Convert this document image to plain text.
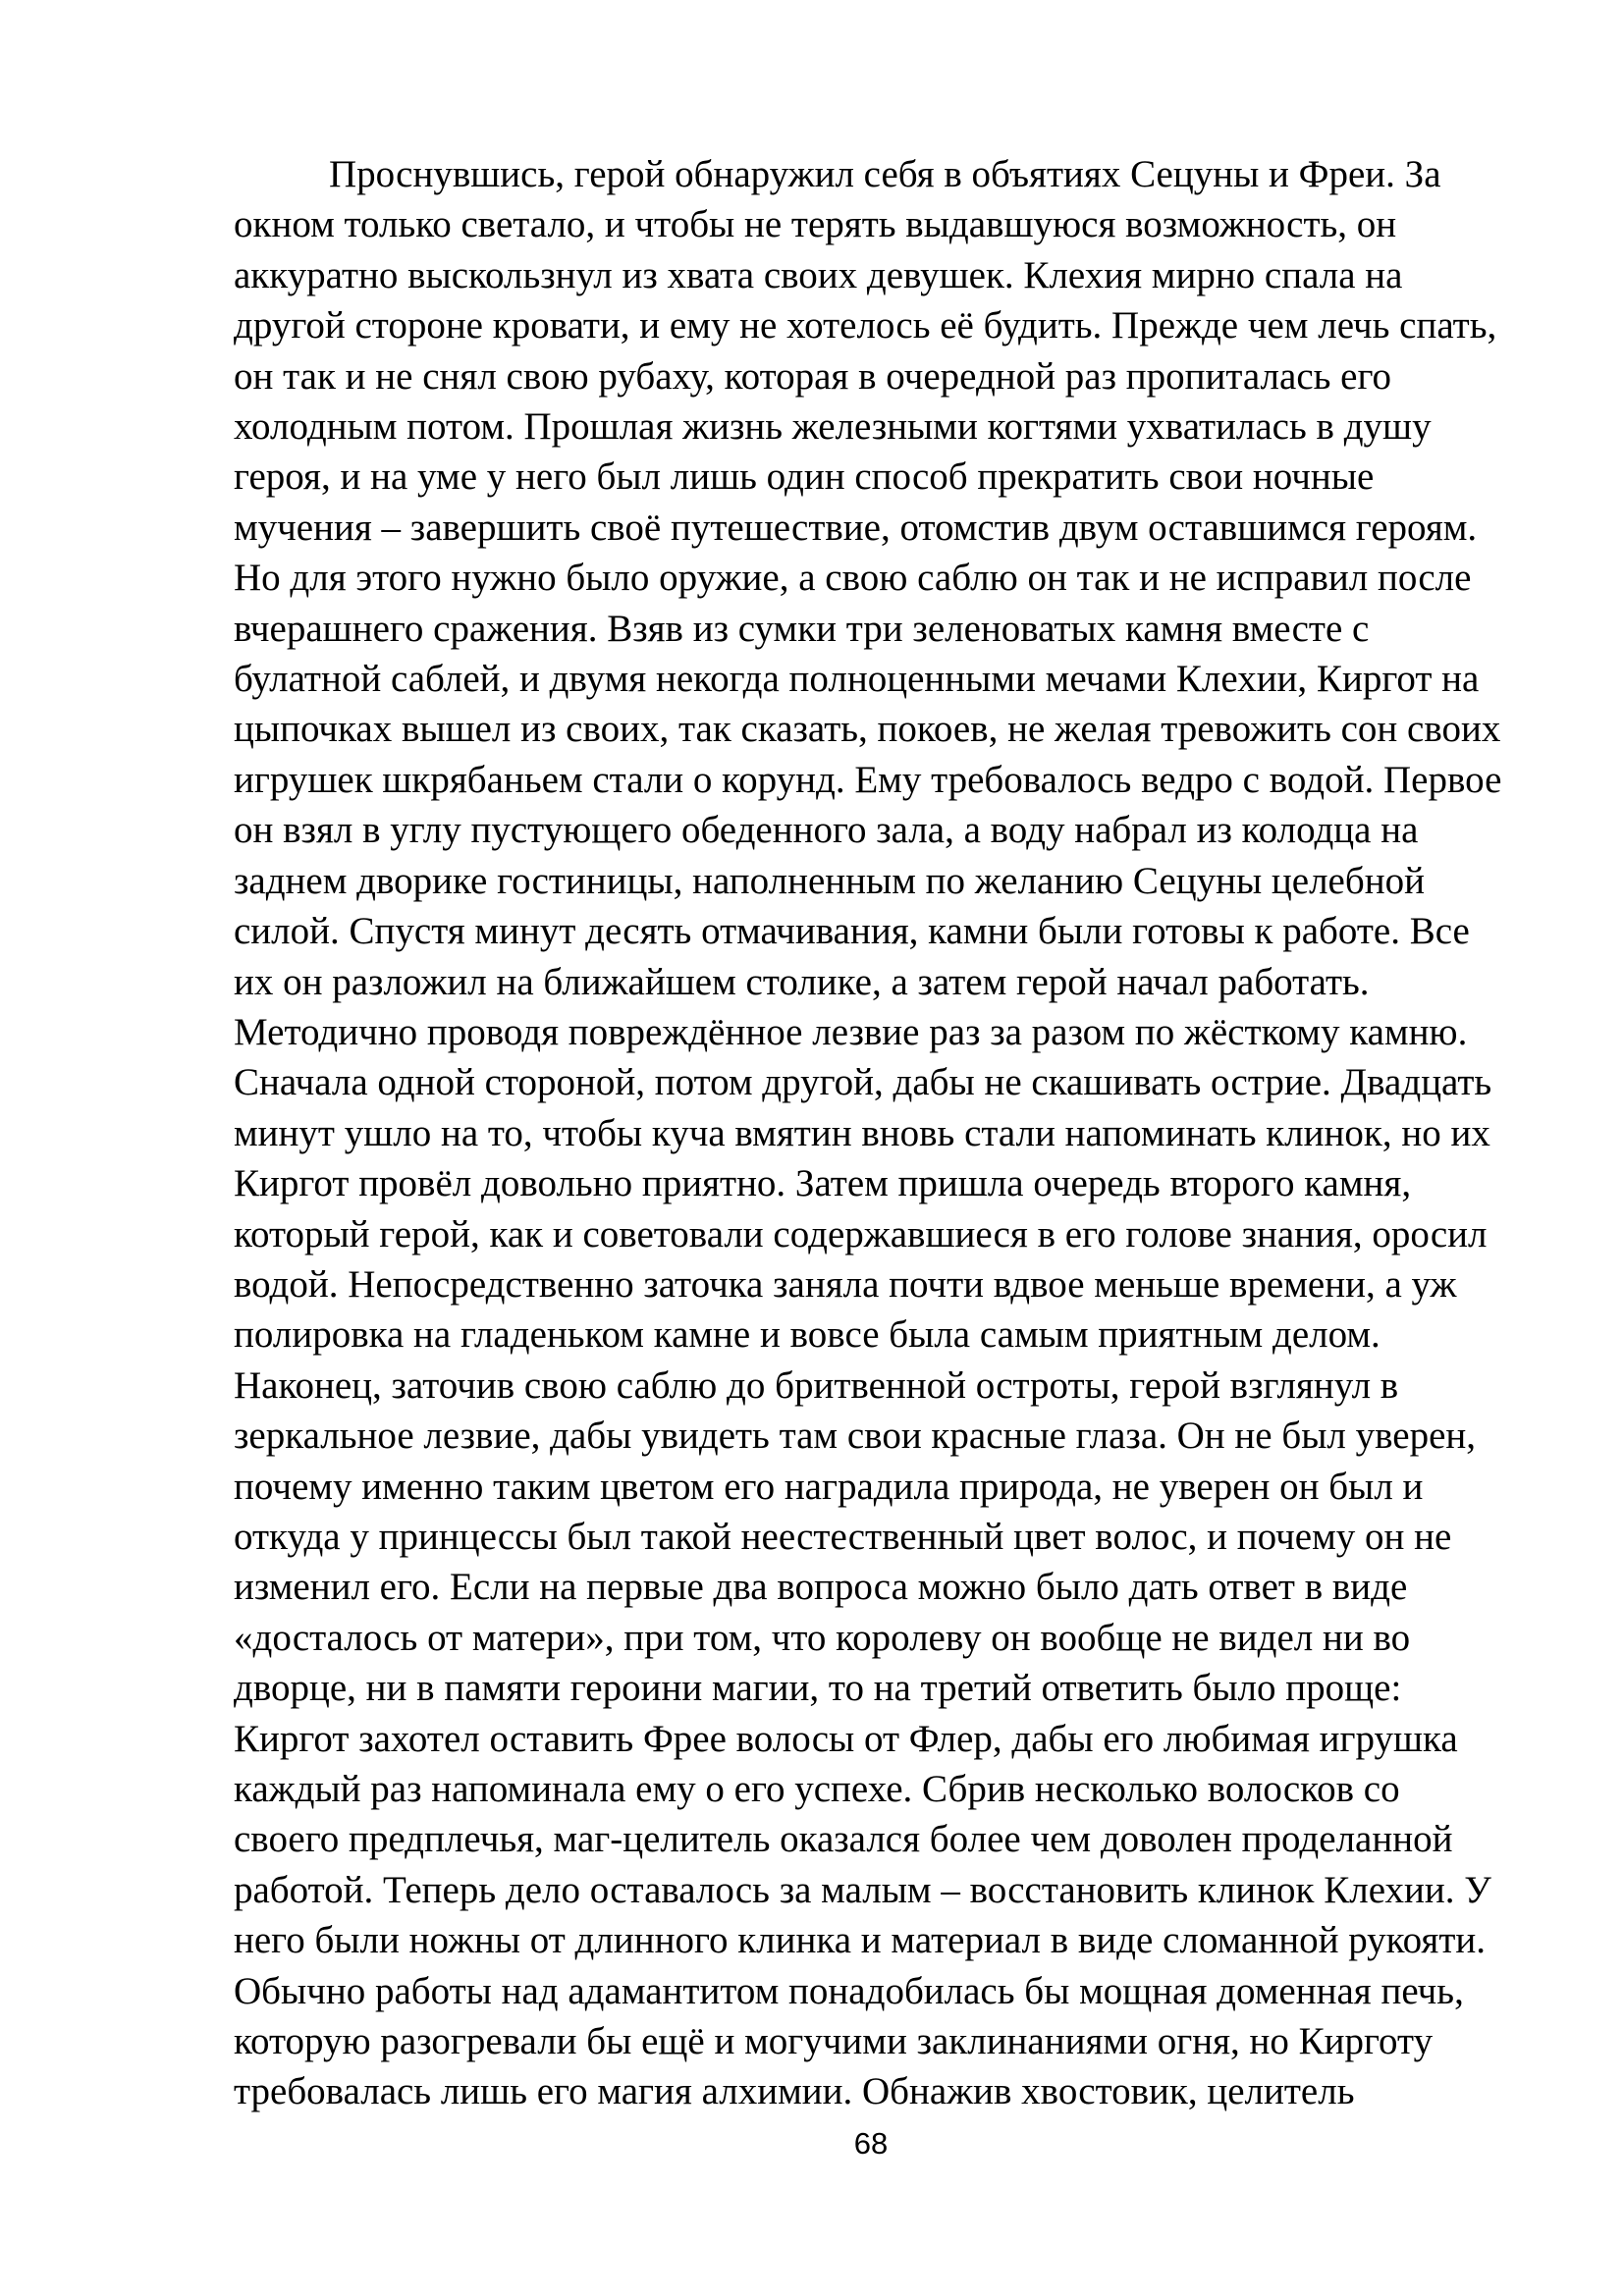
Проснувшись, герой обнаружил себя в объятиях Сецуны и Фреи. За
окном только светало, и чтобы не терять выдавшуюся возможность, он
аккуратно выскользнул из хвата своих девушек. Клехия мирно спала на
другой стороне кровати, и ему не хотелось её будить. Прежде чем лечь спать,
он так и не снял свою рубаху, которая в очередной раз пропиталась его
холодным потом. Прошлая жизнь железными когтями ухватилась в душу
героя, и на уме у него был лишь один способ прекратить свои ночные
мучения – завершить своё путешествие, отомстив двум оставшимся героям.
Но для этого нужно было оружие, а свою саблю он так и не исправил после
вчерашнего сражения. Взяв из сумки три зеленоватых камня вместе с
булатной саблей, и двумя некогда полноценными мечами Клехии, Киргот на
цыпочках вышел из своих, так сказать, покоев, не желая тревожить сон своих
игрушек шкрябаньем стали о корунд. Ему требовалось ведро с водой. Первое
он взял в углу пустующего обеденного зала, а воду набрал из колодца на
заднем дворике гостиницы, наполненным по желанию Сецуны целебной
силой. Спустя минут десять отмачивания, камни были готовы к работе. Все
их он разложил на ближайшем столике, а затем герой начал работать.
Методично проводя повреждённое лезвие раз за разом по жёсткому камню.
Сначала одной стороной, потом другой, дабы не скашивать острие. Двадцать
минут ушло на то, чтобы куча вмятин вновь стали напоминать клинок, но их
Киргот провёл довольно приятно. Затем пришла очередь второго камня,
который герой, как и советовали содержавшиеся в его голове знания, оросил
водой. Непосредственно заточка заняла почти вдвое меньше времени, а уж
полировка на гладеньком камне и вовсе была самым приятным делом.
Наконец, заточив свою саблю до бритвенной остроты, герой взглянул в
зеркальное лезвие, дабы увидеть там свои красные глаза. Он не был уверен,
почему именно таким цветом его наградила природа, не уверен он был и
откуда у принцессы был такой неестественный цвет волос, и почему он не
изменил его. Если на первые два вопроса можно было дать ответ в виде
«досталось от матери», при том, что королеву он вообще не видел ни во
дворце, ни в памяти героини магии, то на третий ответить было проще:
Киргот захотел оставить Фрее волосы от Флер, дабы его любимая игрушка
каждый раз напоминала ему о его успехе. Сбрив несколько волосков со
своего предплечья, маг-целитель оказался более чем доволен проделанной
работой. Теперь дело оставалось за малым – восстановить клинок Клехии. У
него были ножны от длинного клинка и материал в виде сломанной рукояти.
Обычно работы над адамантитом понадобилась бы мощная доменная печь,
которую разогревали бы ещё и могучими заклинаниями огня, но Кирготу
требовалась лишь его магия алхимии. Обнажив хвостовик, целитель
68
